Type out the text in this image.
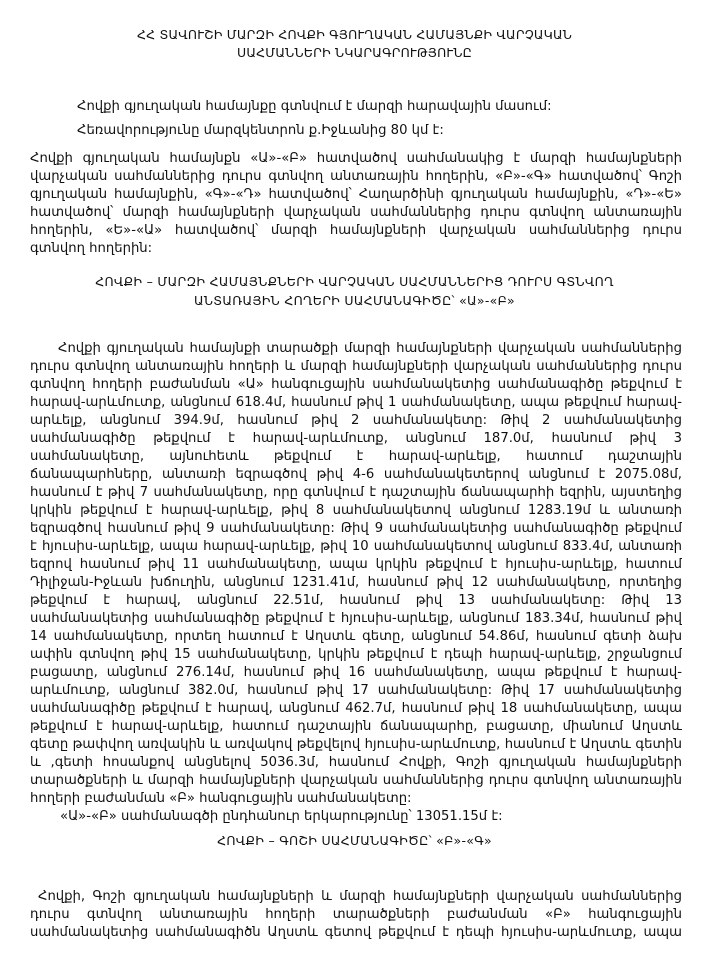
ՀՀ ՏԱՎՈՒՇԻ ՄԱՐԶԻ ՀՈՎՔԻ ԳՅՈՒՂԱԿԱՆ ՀԱՄԱՅՆՔԻ ՎԱՐՉԱԿԱՆ
ՍԱՀՄԱՆՆԵՐԻ ՆԿԱՐԱԳՐՈՒԹՅՈՒՆԸ
Հովքի գյուղական համայնքը գտնվում է մարզի հարավային մասում:
Հեռավորությունը մարզկենտրոն ք.Իջևանից 80 կմ է:
Հովքի գյուղական համայնքն «Ա»-«Բ» հատվածով սահմանակից է մարզի համայնքների
վարչական սահմաններից դուրս գտնվող անտառային հողերին, «Բ»-«Գ» հատվածով՝ Գոշի
գյուղական համայնքին, «Գ»-«Դ» հատվածով՝ Հաղարծինի գյուղական համայնքին, «Դ»-«Ե»
հատվածով՝ մարզի համայնքների վարչական սահմաններից դուրս գտնվող անտառային
հողերին, «Ե»-«Ա» հատվածով՝ մարզի համայնքների վարչական սահմաններից դուրս
գտնվող հողերին:
ՀՈՎՔԻ – ՄԱՐԶԻ ՀԱՄԱՅՆՔՆԵՐԻ ՎԱՐՉԱԿԱՆ ՍԱՀՄԱՆՆԵՐԻՑ ԴՈՒՐՍ ԳՏՆՎՈՂ
ԱՆՏԱՌԱՅԻՆ ՀՈՂԵՐԻ ՍԱՀՄԱՆԱԳԻԾԸ՝ «Ա»-«Բ»
Հովքի գյուղական համայնքի տարածքի մարզի համայնքների վարչական սահմաններից
դուրս գտնվող անտառային հողերի և մարզի համայնքների վարչական սահմաններից դուրս
գտնվող հողերի բաժանման «Ա» հանգուցային սահմանակետից սահմանագիծը թեքվում է
հարավ-արևմուտք, անցնում 618.4մ, հասնում թիվ 1 սահմանակետը, ապա թեքվում հարավ-
արևելք, անցնում 394.9մ, հասնում թիվ 2 սահմանակետը: Թիվ 2 սահմանակետից
սահմանագիծը թեքվում է հարավ-արևմուտք, անցնում 187.0մ, հասնում թիվ 3
սահմանակետը, այնուհետև թեքվում է հարավ-արևելք, հատում դաշտային
ճանապարհները, անտառի եզրագծով թիվ 4-6 սահմանակետերով անցնում է 2075.08մ,
հասնում է թիվ 7 սահմանակետը, որը գտնվում է դաշտային ճանապարհի եզրին, այստեղից
կրկին թեքվում է հարավ-արևելք, թիվ 8 սահմանակետով անցնում 1283.19մ և անտառի
եզրագծով հասնում թիվ 9 սահմանակետը: Թիվ 9 սահմանակետից սահմանագիծը թեքվում
է հյուսիս-արևելք, ապա հարավ-արևելք, թիվ 10 սահմանակետով անցնում 833.4մ, անտառի
եզրով հասնում թիվ 11 սահմանակետը, ապա կրկին թեքվում է հյուսիս-արևելք, հատում
Դիլիջան-Իջևան խճուղին, անցնում 1231.41մ, հասնում թիվ 12 սահմանակետը, որտեղից
թեքվում է հարավ, անցնում 22.51մ, հասնում թիվ 13 սահմանակետը: Թիվ 13
սահմանակետից սահմանագիծը թեքվում է հյուսիս-արևելք, անցնում 183.34մ, հասնում թիվ
14 սահմանակետը, որտեղ հատում է Աղստև գետը, անցնում 54.86մ, հասնում գետի ձախ
ափին գտնվող թիվ 15 սահմանակետը, կրկին թեքվում է դեպի հարավ-արևելք, շրջանցում
բացատը, անցնում 276.14մ, հասնում թիվ 16 սահմանակետը, ապա թեքվում է հարավ-
արևմուտք, անցնում 382.0մ, հասնում թիվ 17 սահմանակետը: Թիվ 17 սահմանակետից
սահմանագիծը թեքվում է հարավ, անցնում 462.7մ, հասնում թիվ 18 սահմանակետը, ապա
թեքվում է հարավ-արևելք, հատում դաշտային ճանապարհը, բացատը, միանում Աղստև
գետը թափվող առվակին և առվակով թեքվելով հյուսիս-արևմուտք, հասնում է Աղստև գետին
և ,գետի հոսանքով անցնելով 5036.3մ, հասնում Հովքի, Գոշի գյուղական համայնքների
տարածքների և մարզի համայնքների վարչական սահմաններից դուրս գտնվող անտառային
հողերի բաժանման «Բ» հանգուցային սահմանակետը:
«Ա»-«Բ» սահմանագծի ընդհանուր երկարությունը՝ 13051.15մ է:
ՀՈՎՔԻ – ԳՈՇԻ ՍԱՀՄԱՆԱԳԻԾԸ՝ «Բ»-«Գ»
Հովքի, Գոշի գյուղական համայնքների և մարզի համայնքների վարչական սահմաններից
դուրս գտնվող անտառային հողերի տարածքների բաժանման «Բ» հանգուցային
սահմանակետից սահմանագիծն Աղստև գետով թեքվում է դեպի հյուսիս-արևմուտք, ապա
